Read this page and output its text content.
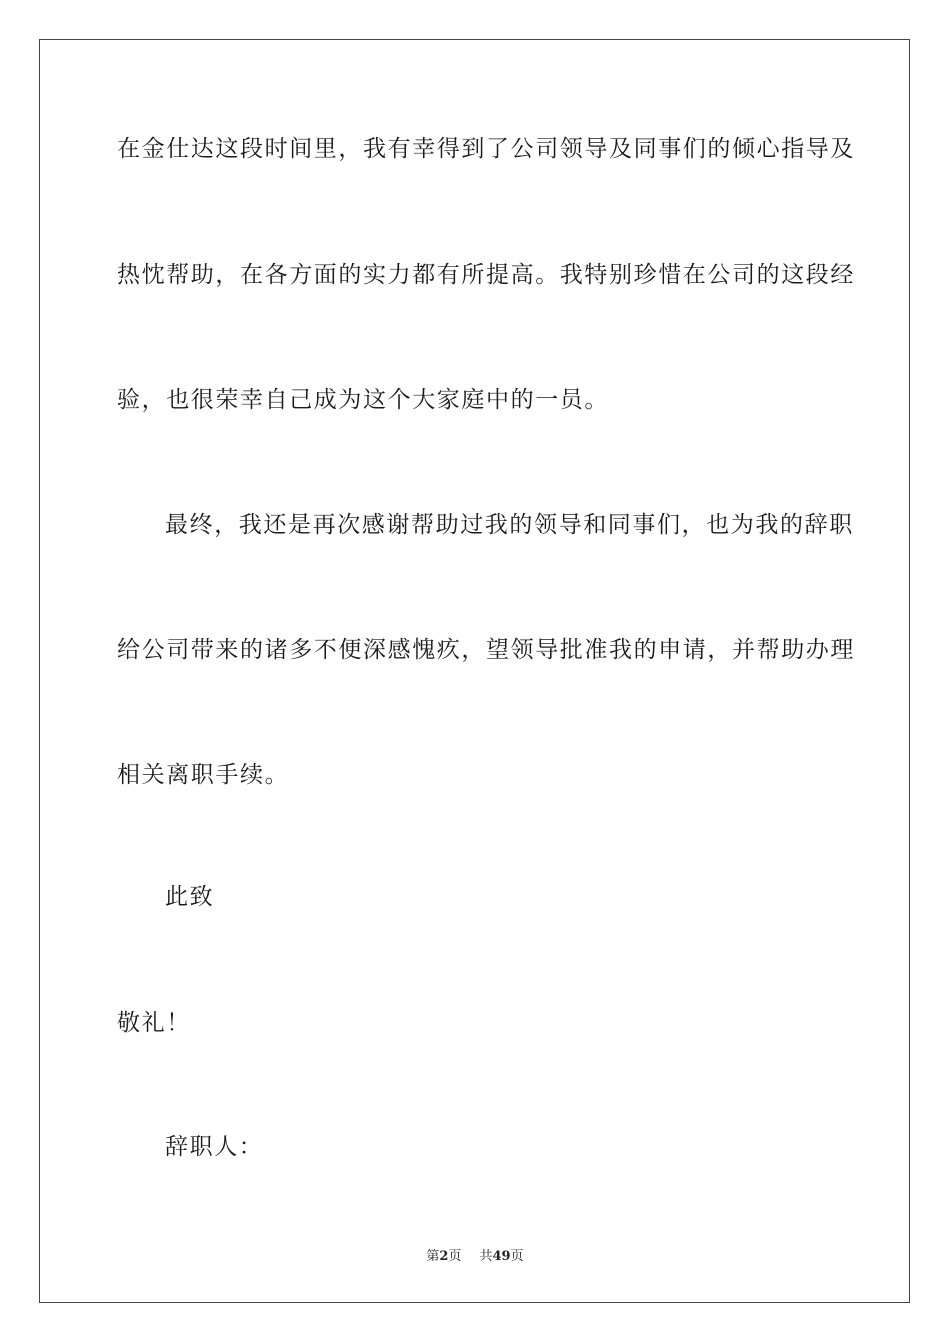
在金仕达这段时间里，我有幸得到了公司领导及同事们的倾心指导及
热忱帮助，在各方面的实力都有所提高。我特别珍惜在公司的这段经
验，也很荣幸自己成为这个大家庭中的一员。
最终，我还是再次感谢帮助过我的领导和同事们，也为我的辞职
给公司带来的诸多不便深感愧疚，望领导批准我的申请，并帮助办理
相关离职手续。
此致
敬礼！
辞职人：
第2页 共49页
